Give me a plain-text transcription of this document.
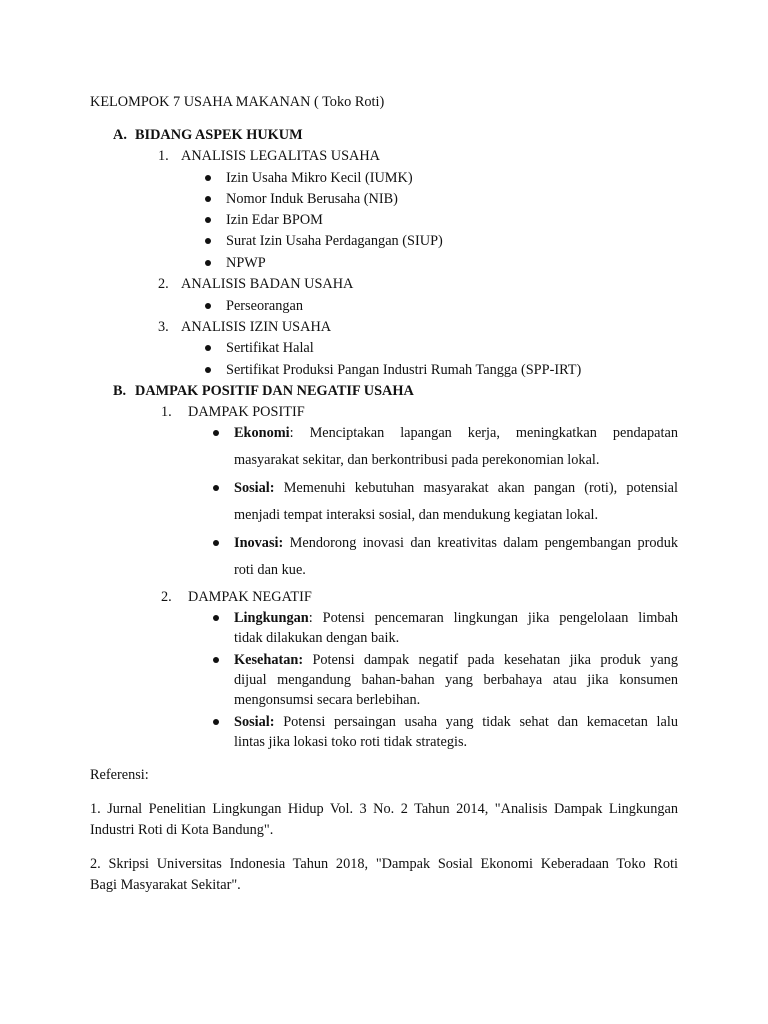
KELOMPOK 7 USAHA MAKANAN ( Toko Roti)
A. BIDANG ASPEK HUKUM
1. ANALISIS LEGALITAS USAHA
Izin Usaha Mikro Kecil (IUMK)
Nomor Induk Berusaha (NIB)
Izin Edar BPOM
Surat Izin Usaha Perdagangan (SIUP)
NPWP
2. ANALISIS BADAN USAHA
Perseorangan
3. ANALISIS IZIN USAHA
Sertifikat Halal
Sertifikat Produksi Pangan Industri Rumah Tangga (SPP-IRT)
B. DAMPAK POSITIF DAN NEGATIF USAHA
1. DAMPAK POSITIF
Ekonomi: Menciptakan lapangan kerja, meningkatkan pendapatan
masyarakat sekitar, dan berkontribusi pada perekonomian lokal.
Sosial: Memenuhi kebutuhan masyarakat akan pangan (roti), potensial
menjadi tempat interaksi sosial, dan mendukung kegiatan lokal.
Inovasi: Mendorong inovasi dan kreativitas dalam pengembangan produk
roti dan kue.
2. DAMPAK NEGATIF
Lingkungan: Potensi pencemaran lingkungan jika pengelolaan limbah
tidak dilakukan dengan baik.
Kesehatan: Potensi dampak negatif pada kesehatan jika produk yang
dijual mengandung bahan-bahan yang berbahaya atau jika konsumen
mengonsumsi secara berlebihan.
Sosial: Potensi persaingan usaha yang tidak sehat dan kemacetan lalu
lintas jika lokasi toko roti tidak strategis.
Referensi:
1. Jurnal Penelitian Lingkungan Hidup Vol. 3 No. 2 Tahun 2014, "Analisis Dampak Lingkungan
Industri Roti di Kota Bandung".
2. Skripsi Universitas Indonesia Tahun 2018, "Dampak Sosial Ekonomi Keberadaan Toko Roti
Bagi Masyarakat Sekitar".
